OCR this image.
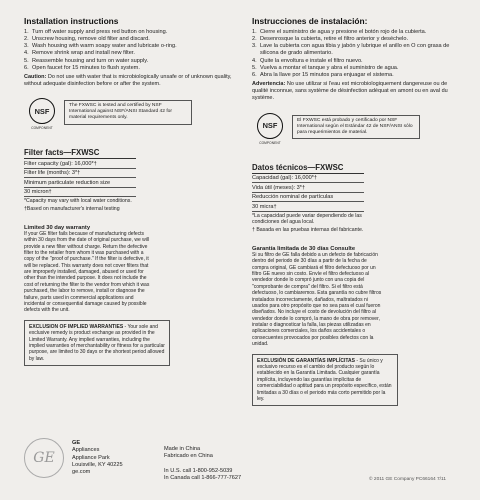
Installation instructions
1. Turn off water supply and press red button on housing.
2. Unscrew housing, remove old filter and discard.
3. Wash housing with warm soapy water and lubricate o-ring.
4. Remove shrink wrap and install new filter.
5. Reassemble housing and turn on water supply.
6. Open faucet for 15 minutes to flush system.

Caution: Do not use with water that is microbiologically unsafe or of unknown quality, without adequate disinfection before or after the system.

NSF
COMPONENT
The FXWSC is tested and certified by NSF International against NSF/ANSI Standard 42 for material requirements only.
Filter facts—FXWSC
Filter capacity (gal): 16,000*†
Filter life (months): 3*†
Minimum particulate reduction size
30 micron†
*Capacity may vary with local water conditions.
†Based on manufacturer's internal testing
Limited 30 day warranty
If your GE filter fails because of manufacturing defects within 30 days from the date of original purchase, we will provide a new filter without charge. Return the defective filter to the retailer from whom it was purchased with a copy of the "proof of purchase." If the filter is defective, it will be replaced. This warranty does not cover filters that are improperly installed, damaged, abused or used for other than the intended purpose. It does not include the cost of returning the filter to the vendor from which it was purchased, the labor to remove, install or diagnose the failure, parts used in commercial applications and incidental or consequential damage caused by possible defects with the unit.
EXCLUSION OF IMPLIED WARRANTIES - Your sole and exclusive remedy is product exchange as provided in the Limited Warranty. Any implied warranties, including the implied warranties of merchantability or fitness for a particular purpose, are limited to 30 days or the shortest period allowed by law.
Instrucciones de instalación:
1. Cierre el suministro de agua y presione el botón rojo de la cubierta.
2. Desenrosque la cubierta, retire el filtro anterior y deséchelo.
3. Lave la cubierta con agua tibia y jabón y lubrique el anillo en O con grasa de silicona de grado alimentario.
4. Quite la envoltura e instale el filtro nuevo.
5. Vuelva a montar el tanque y abra el suministro de agua.
6. Abra la llave por 15 minutos para enjuagar el sistema.

Advertencia: No use utilizar si l'eau est microbiologiquement dangereuse ou de qualité inconnue, sans système de désinfection adéquat en amont ou en aval du système.

NSF
COMPONENT
El FXWSC está probado y certificado por NSF International según el Estándar 42 de NSF/ANSI sólo para requerimientos de material.
Datos técnicos—FXWSC
Capacidad (gal): 16,000*†
Vida útil (meses): 3*†
Reducción nominal de partículas
30 micra†
*La capacidad puede variar dependiendo de las condiciones del agua local.
† Basada en las pruebas internas del fabricante.
Garantía limitada de 30 días Consulte
Si su filtro de GE falla debido a un defecto de fabricación dentro del periodo de 30 días a partir de la fecha de compra original, GE cambiará el filtro defectuoso por un filtro GE nuevo sin costo. Envíe el filtro defectuoso al vendedor donde lo compró junto con una copia del "comprobante de compra" del filtro. Si el filtro está defectuoso, lo cambiaremos. Esta garantía no cubre filtros instalados incorrectamente, dañados, maltratados ni usados para otro propósito que no sea para el cual fueron diseñados. No incluye el costo de devolución del filtro al vendedor donde lo compró, la mano de obra por remover, instalar o diagnosticar la falla, las piezas utilizadas en aplicaciones comerciales, los daños accidentales o consecuentes provocados por posibles defectos con la unidad.
EXCLUSIÓN DE GARANTÍAS IMPLÍCITAS - Su único y exclusivo recurso es el cambio del producto según lo establecido en la Garantía Limitada. Cualquier garantía implícita, incluyendo las garantías implícitas de comerciabilidad o aptitud para un propósito específico, están limitadas a 30 días o el periodo más corto permitido por la ley.
GE
GE
Appliances
Appliance Park
Louisville, KY 40225
ge.com
Made in China
Fabricado en China
In U.S. call 1-800-952-5039
In Canada call 1-866-777-7627	© 2011 GE Company PC66164 7/11
